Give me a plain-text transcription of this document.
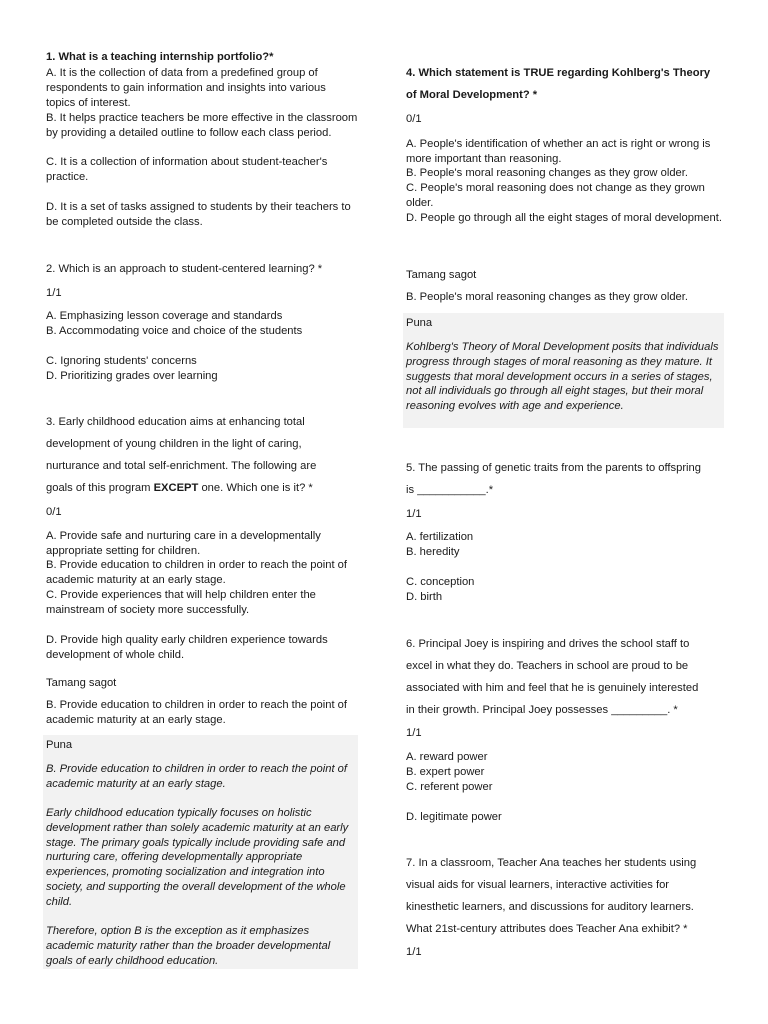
1. What is a teaching internship portfolio?*

A. It is the collection of data from a predefined group of respondents to gain information and insights into various topics of interest.

B. It helps practice teachers be more effective in the classroom by providing a detailed outline to follow each class period.

C. It is a collection of information about student-teacher's practice.

D. It is a set of tasks assigned to students by their teachers to be completed outside the class.

2. Which is an approach to student-centered learning? *

1/1

A. Emphasizing lesson coverage and standards

B. Accommodating voice and choice of the students

C. Ignoring students' concerns

D. Prioritizing grades over learning

3. Early childhood education aims at enhancing total

development of young children in the light of caring,

nurturance and total self-enrichment. The following are

goals of this program EXCEPT one. Which one is it? *

0/1

A. Provide safe and nurturing care in a developmentally appropriate setting for children.

B. Provide education to children in order to reach the point of academic maturity at an early stage.

C. Provide experiences that will help children enter the mainstream of society more successfully.

D. Provide high quality early children experience towards development of whole child.

Tamang sagot

B. Provide education to children in order to reach the point of academic maturity at an early stage.

Puna

B. Provide education to children in order to reach the point of academic maturity at an early stage.

Early childhood education typically focuses on holistic development rather than solely academic maturity at an early stage. The primary goals typically include providing safe and nurturing care, offering developmentally appropriate experiences, promoting socialization and integration into society, and supporting the overall development of the whole child.

Therefore, option B is the exception as it emphasizes academic maturity rather than the broader developmental goals of early childhood education.

4. Which statement is TRUE regarding Kohlberg's Theory

of Moral Development? *

0/1

A. People's identification of whether an act is right or wrong is more important than reasoning.

B. People's moral reasoning changes as they grow older.

C. People's moral reasoning does not change as they grown older.

D. People go through all the eight stages of moral development.

Tamang sagot

B. People's moral reasoning changes as they grow older.

Puna

Kohlberg's Theory of Moral Development posits that individuals progress through stages of moral reasoning as they mature. It suggests that moral development occurs in a series of stages, not all individuals go through all eight stages, but their moral reasoning evolves with age and experience.

5. The passing of genetic traits from the parents to offspring

is ___________.*

1/1

A. fertilization

B. heredity

C. conception

D. birth

6. Principal Joey is inspiring and drives the school staff to

excel in what they do. Teachers in school are proud to be

associated with him and feel that he is genuinely interested

in their growth. Principal Joey possesses _________. *

1/1

A. reward power

B. expert power

C. referent power

D. legitimate power

7. In a classroom, Teacher Ana teaches her students using

visual aids for visual learners, interactive activities for

kinesthetic learners, and discussions for auditory learners.

What 21st-century attributes does Teacher Ana exhibit? *

1/1
